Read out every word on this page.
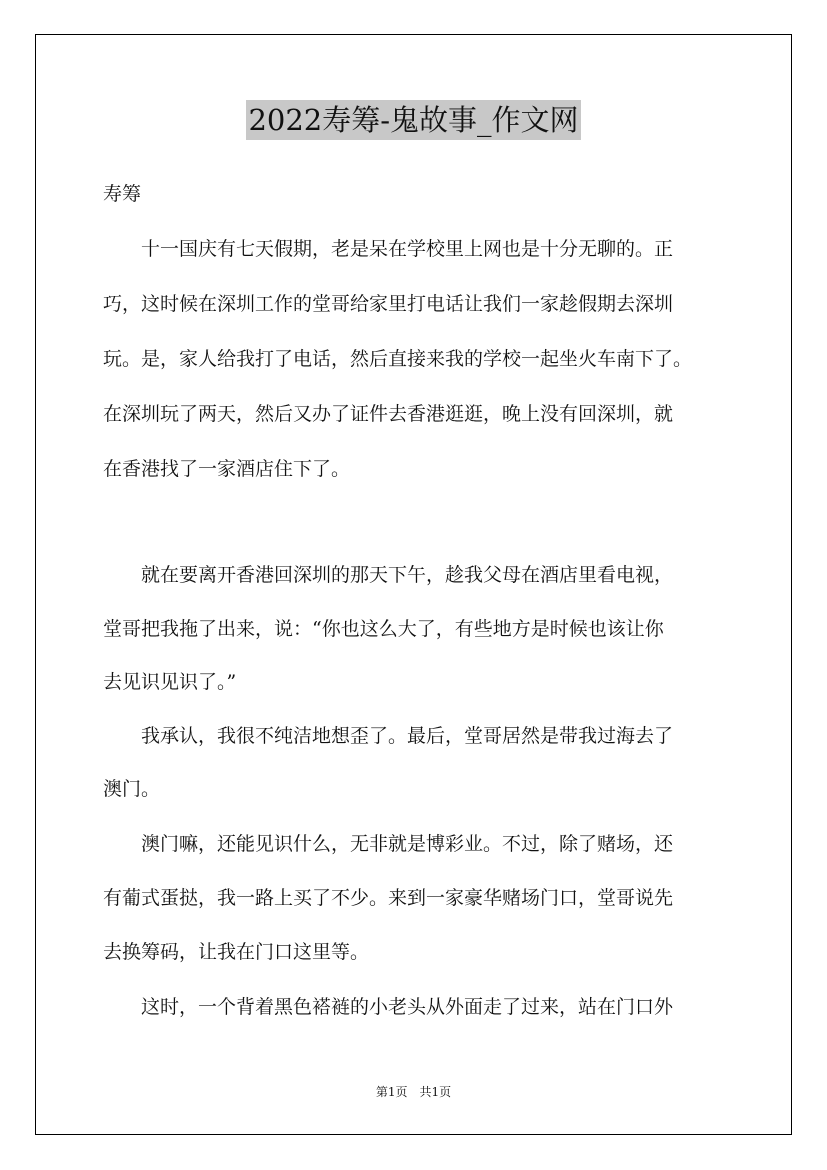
2022寿筹-鬼故事_作文网
寿筹
　　十一国庆有七天假期，老是呆在学校里上网也是十分无聊的。正
巧，这时候在深圳工作的堂哥给家里打电话让我们一家趁假期去深圳
玩。是，家人给我打了电话，然后直接来我的学校一起坐火车南下了。
在深圳玩了两天，然后又办了证件去香港逛逛，晚上没有回深圳，就
在香港找了一家酒店住下了。
　　就在要离开香港回深圳的那天下午，趁我父母在酒店里看电视，
堂哥把我拖了出来，说：“你也这么大了，有些地方是时候也该让你
去见识见识了。”
　　我承认，我很不纯洁地想歪了。最后，堂哥居然是带我过海去了
澳门。
　　澳门嘛，还能见识什么，无非就是博彩业。不过，除了赌场，还
有葡式蛋挞，我一路上买了不少。来到一家豪华赌场门口，堂哥说先
去换筹码，让我在门口这里等。
　　这时，一个背着黑色褡裢的小老头从外面走了过来，站在门口外
第1页　共1页
